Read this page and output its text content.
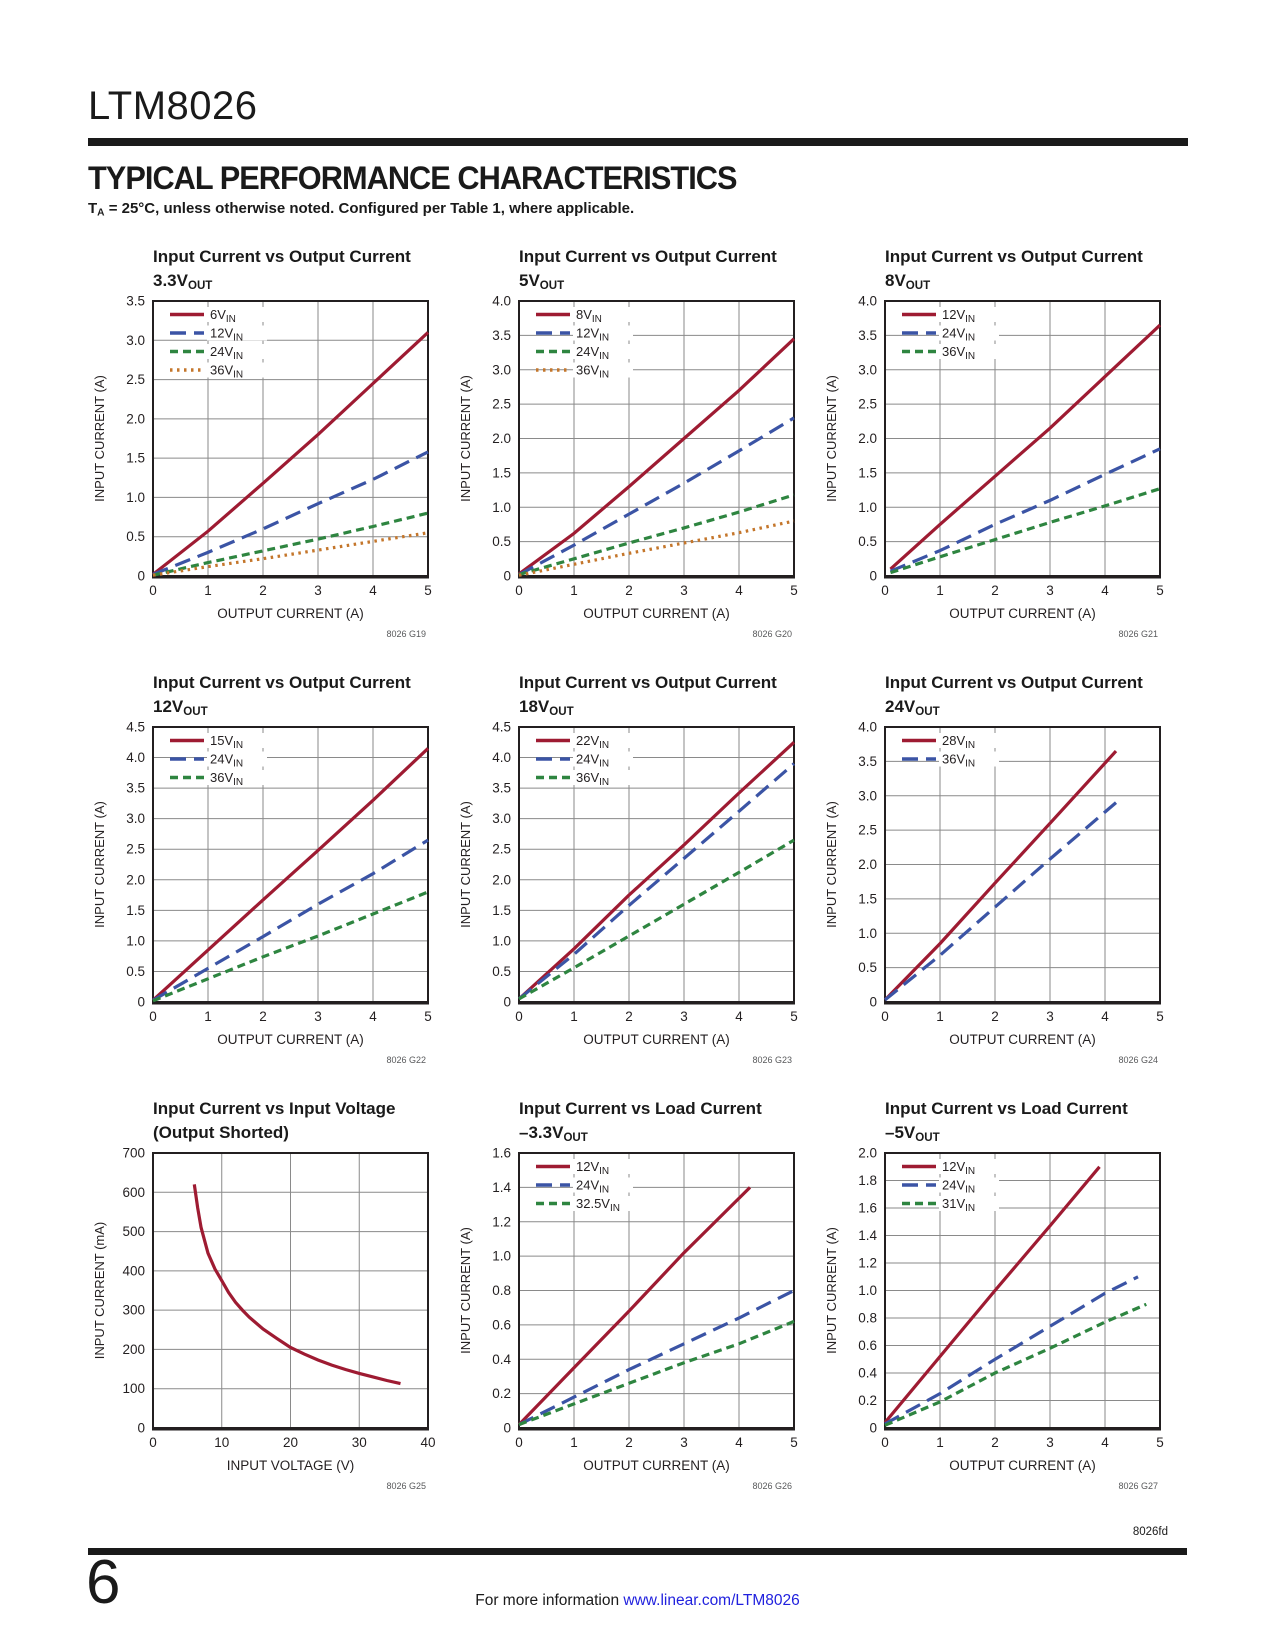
LTM8026
TYPICAL PERFORMANCE CHARACTERISTICS
$T_A = 25^\circ C$, unless otherwise noted. Configured per Table 1, where applicable.
Input Current vs Output Current
$3.3V_{OUT}$
$6V_{IN}$
$12V_{IN}$
$24V_{IN}$
$36V_{IN}$
0
0.5
1.0
1.5
2.0
2.5
3.0
3.5
0	1	2	3	4	5
INPUT CURRENT (A)
OUTPUT CURRENT (A)
8026 G19
Input Current vs Output Current
$5V_{OUT}$
$8V_{IN}$
$12V_{IN}$
$24V_{IN}$
$36V_{IN}$
0
0.5
1.0
1.5
2.0
2.5
3.0
3.5
4.0
0	1	2	3	4	5
INPUT CURRENT (A)
OUTPUT CURRENT (A)
8026 G20
Input Current vs Output Current
$8V_{OUT}$
$12V_{IN}$
$24V_{IN}$
$36V_{IN}$
0
0.5
1.0
1.5
2.0
2.5
3.0
3.5
4.0
0	1	2	3	4	5
INPUT CURRENT (A)
OUTPUT CURRENT (A)
8026 G21
Input Current vs Output Current
$12V_{OUT}$
$15V_{IN}$
$24V_{IN}$
$36V_{IN}$
0
0.5
1.0
1.5
2.0
2.5
3.0
3.5
4.0
4.5
0	1	2	3	4	5
INPUT CURRENT (A)
OUTPUT CURRENT (A)
8026 G22
Input Current vs Output Current
$18V_{OUT}$
$22V_{IN}$
$24V_{IN}$
$36V_{IN}$
0
0.5
1.0
1.5
2.0
2.5
3.0
3.5
4.0
4.5
0	1	2	3	4	5
INPUT CURRENT (A)
OUTPUT CURRENT (A)
8026 G23
Input Current vs Output Current
$24V_{OUT}$
$28V_{IN}$
$36V_{IN}$
0
0.5
1.0
1.5
2.0
2.5
3.0
3.5
4.0
0	1	2	3	4	5
INPUT CURRENT (A)
OUTPUT CURRENT (A)
8026 G24
Input Current vs Input Voltage
(Output Shorted)
0
100
200
300
400
500
600
700
0	10	20	30	40
INPUT CURRENT (mA)
INPUT VOLTAGE (V)
8026 G25
Input Current vs Load Current
$-3.3V_{OUT}$
$12V_{IN}$
$24V_{IN}$
$32.5V_{IN}$
0
0.2
0.4
0.6
0.8
1.0
1.2
1.4
1.6
0	1	2	3	4	5
INPUT CURRENT (A)
OUTPUT CURRENT (A)
8026 G26
Input Current vs Load Current
$-5V_{OUT}$
$12V_{IN}$
$24V_{IN}$
$31V_{IN}$
0
0.2
0.4
0.6
0.8
1.0
1.2
1.4
1.6
1.8
2.0
0	1	2	3	4	5
INPUT CURRENT (A)
OUTPUT CURRENT (A)
8026 G27
8026fd
6	For more information www.linear.com/LTM8026
